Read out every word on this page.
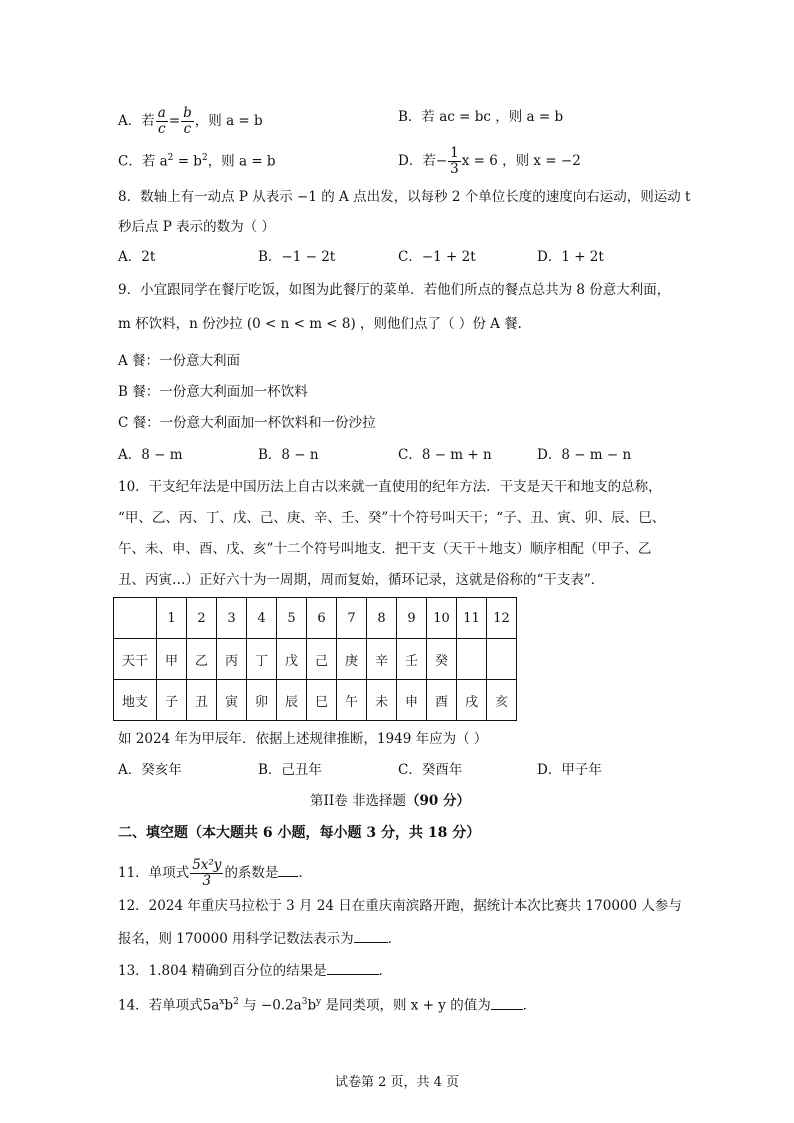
A．若 $\frac{a}{c} = \frac{b}{c}$ ，则 a = b	B．若 ac = bc ，则 a = b
C．若 $a^2 = b^2$，则 a = b	D．若− $\frac{1}{3}$ x = 6 ，则 x = −2
8．数轴上有一动点 P 从表示 −1 的 A 点出发，以每秒 2 个单位长度的速度向右运动，则运动 t
秒后点 P 表示的数为（ ）
A．2t	B．−1 − 2t	C．−1 + 2t	D．1 + 2t
9．小宜跟同学在餐厅吃饭，如图为此餐厅的菜单．若他们所点的餐点总共为 8 份意大利面，
m 杯饮料，n 份沙拉 (0 < n < m < 8) ，则他们点了（ ）份 A 餐．
A 餐：一份意大利面
B 餐：一份意大利面加一杯饮料
C 餐：一份意大利面加一杯饮料和一份沙拉
A．8 − m	B．8 − n	C．8 − m + n	D．8 − m − n
10．干支纪年法是中国历法上自古以来就一直使用的纪年方法．干支是天干和地支的总称，
“甲、乙、丙、丁、戊、己、庚、辛、壬、癸”十个符号叫天干；“子、丑、寅、卯、辰、巳、
午、未、申、酉、戊、亥”十二个符号叫地支．把干支（天干＋地支）顺序相配（甲子、乙
丑、丙寅…）正好六十为一周期，周而复始，循环记录，这就是俗称的“干支表”．
	1	2	3	4	5	6	7	8	9	10	11	12
天干	甲	乙	丙	丁	戊	己	庚	辛	壬	癸		
地支	子	丑	寅	卯	辰	巳	午	未	申	酉	戌	亥
如 2024 年为甲辰年．依据上述规律推断，1949 年应为（ ）
A．癸亥年	B．己丑年	C．癸酉年	D．甲子年
第II卷 非选择题（90 分）
二、填空题（本大题共 6 小题，每小题 3 分，共 18 分）
11．单项式 $\frac{\text{5x²y}}{3}$ 的系数是 ．
12．2024 年重庆马拉松于 3 月 24 日在重庆南滨路开跑，据统计本次比赛共 170000 人参与
报名，则 170000 用科学记数法表示为	．
13．1.804 精确到百分位的结果是	．
14．若单项式$5a^xb^2$ 与 $-0.2a^3b^y$ 是同类项，则 x + y 的值为 ．
试卷第 2 页，共 4 页
